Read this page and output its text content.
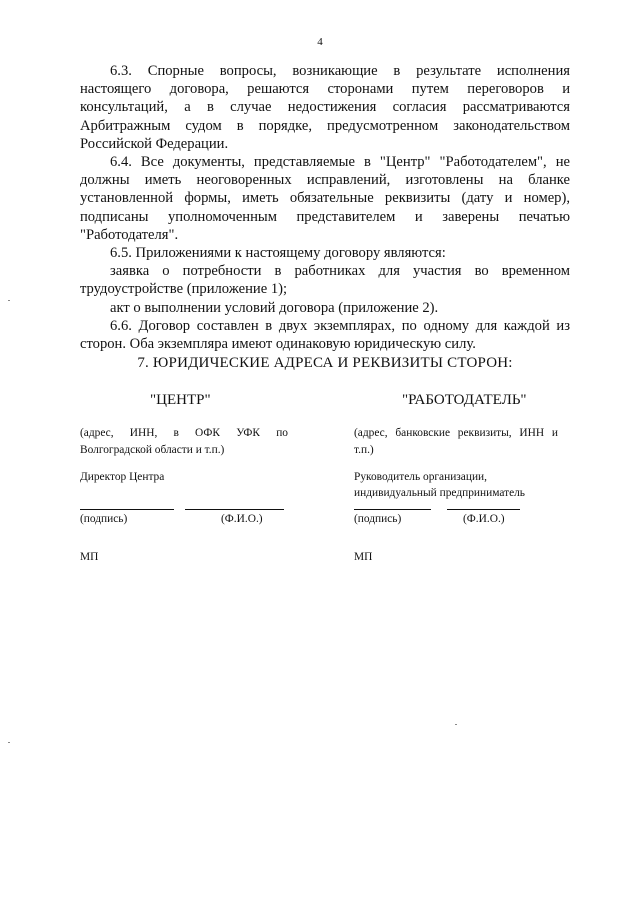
4

6.3. Спорные вопросы, возникающие в результате исполнения настоящего договора, решаются сторонами путем переговоров и консультаций, а в случае недостижения согласия рассматриваются Арбитражным судом в порядке, предусмотренном законодательством Российской Федерации.

6.4. Все документы, представляемые в "Центр" "Работодателем", не должны иметь неоговоренных исправлений, изготовлены на бланке установленной формы, иметь обязательные реквизиты (дату и номер), подписаны уполномоченным представителем и заверены печатью "Работодателя".

6.5. Приложениями к настоящему договору являются:

заявка о потребности в работниках для участия во временном трудоустройстве (приложение 1);

акт о выполнении условий договора (приложение 2).

6.6. Договор составлен в двух экземплярах, по одному для каждой из сторон. Оба экземпляра имеют одинаковую юридическую силу.

7. ЮРИДИЧЕСКИЕ АДРЕСА И РЕКВИЗИТЫ СТОРОН:
"ЦЕНТР"
(адрес, ИНН, в ОФК УФК по
Волгоградской области и т.п.)
Директор Центра
(подпись)	(Ф.И.О.)
МП
"РАБОТОДАТЕЛЬ"
(адрес, банковские реквизиты, ИНН и
т.п.)
Руководитель организации,
индивидуальный предприниматель
(подпись)	(Ф.И.О.)
МП
